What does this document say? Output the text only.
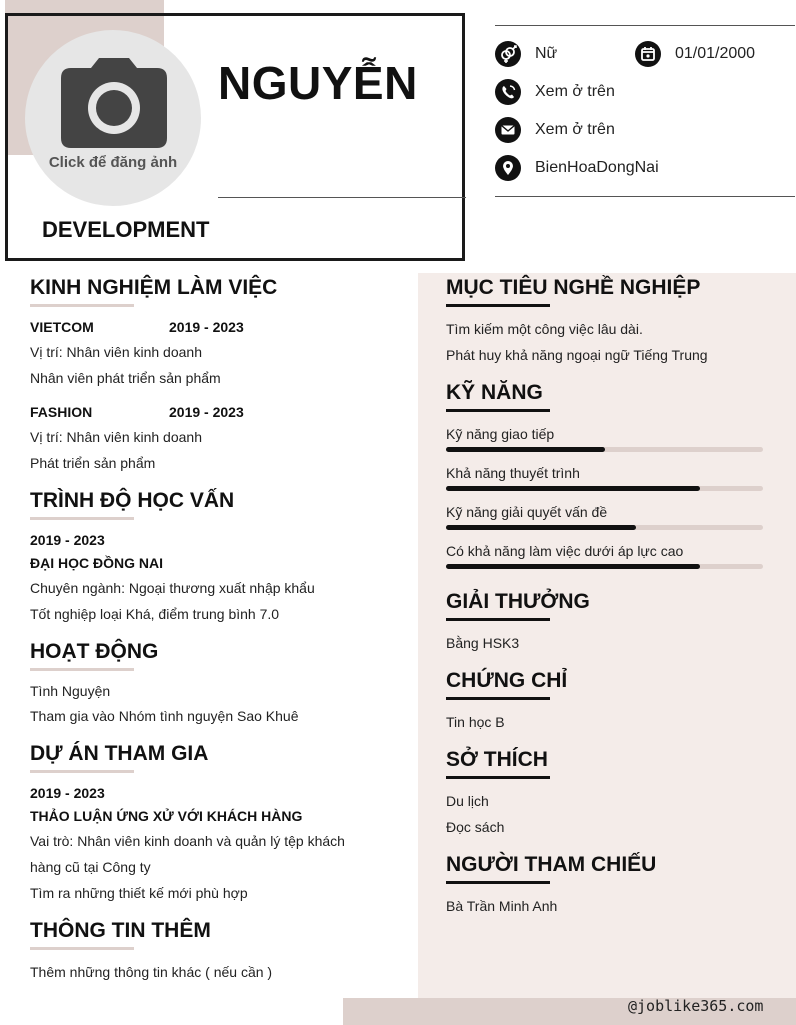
Click để đăng ảnh
NGUYỄN
DEVELOPMENT
Nữ	01/01/2000
Xem ở trên
Xem ở trên
BienHoaDongNai
KINH NGHIỆM LÀM VIỆC
VIETCOM	2019 - 2023
Vị trí: Nhân viên kinh doanh
Nhân viên phát triển sản phẩm
FASHION	2019 - 2023
Vị trí: Nhân viên kinh doanh
Phát triển sản phẩm
TRÌNH ĐỘ HỌC VẤN
2019 - 2023
ĐẠI HỌC ĐỒNG NAI
Chuyên ngành: Ngoại thương xuất nhập khẩu
Tốt nghiệp loại Khá, điểm trung bình 7.0
HOẠT ĐỘNG
Tình Nguyện
Tham gia vào Nhóm tình nguyện Sao Khuê
DỰ ÁN THAM GIA
2019 - 2023
THẢO LUẬN ỨNG XỬ VỚI KHÁCH HÀNG
Vai trò: Nhân viên kinh doanh và quản lý tệp khách
hàng cũ tại Công ty
Tìm ra những thiết kế mới phù hợp
THÔNG TIN THÊM
Thêm những thông tin khác ( nếu cần )
MỤC TIÊU NGHỀ NGHIỆP
Tìm kiếm một công việc lâu dài.
Phát huy khả năng ngoại ngữ Tiếng Trung
KỸ NĂNG
Kỹ năng giao tiếp
Khả năng thuyết trình
Kỹ năng giải quyết vấn đề
Có khả năng làm việc dưới áp lực cao
GIẢI THƯỞNG
Bằng HSK3
CHỨNG CHỈ
Tin học B
SỞ THÍCH
Du lịch
Đọc sách
NGƯỜI THAM CHIẾU
Bà Trần Minh Anh
@joblike365.com
